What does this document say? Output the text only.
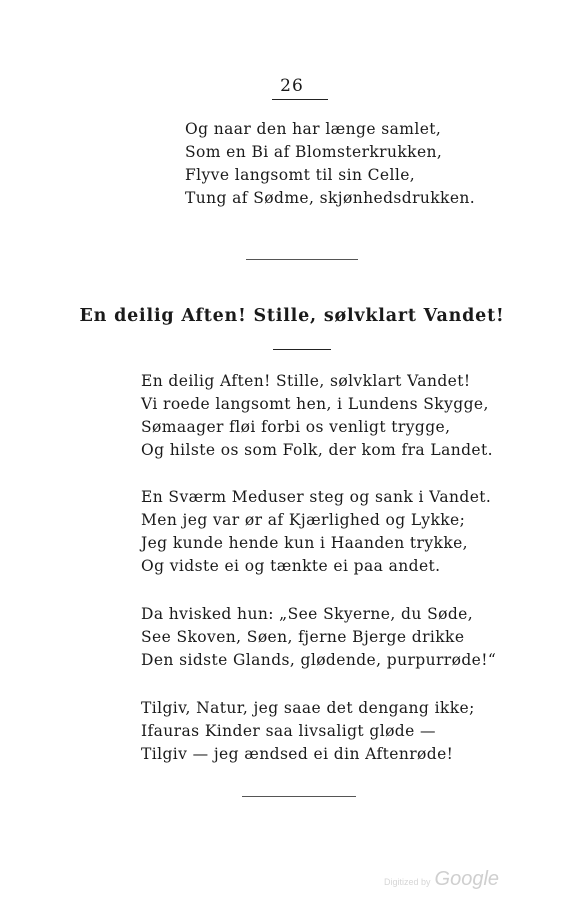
26
Og naar den har længe samlet,
Som en Bi af Blomsterkrukken,
Flyve langsomt til sin Celle,
Tung af Sødme, skjønhedsdrukken.
En deilig Aften! Stille, sølvklart Vandet!
En deilig Aften! Stille, sølvklart Vandet!
Vi roede langsomt hen, i Lundens Skygge,
Sømaager fløi forbi os venligt trygge,
Og hilste os som Folk, der kom fra Landet.
En Sværm Meduser steg og sank i Vandet.
Men jeg var ør af Kjærlighed og Lykke;
Jeg kunde hende kun i Haanden trykke,
Og vidste ei og tænkte ei paa andet.
Da hvisked hun: „See Skyerne, du Søde,
See Skoven, Søen, fjerne Bjerge drikke
Den sidste Glands, glødende, purpurrøde!“
Tilgiv, Natur, jeg saae det dengang ikke;
Ifauras Kinder saa livsaligt gløde —
Tilgiv — jeg ændsed ei din Aftenrøde!
Digitized by Google
